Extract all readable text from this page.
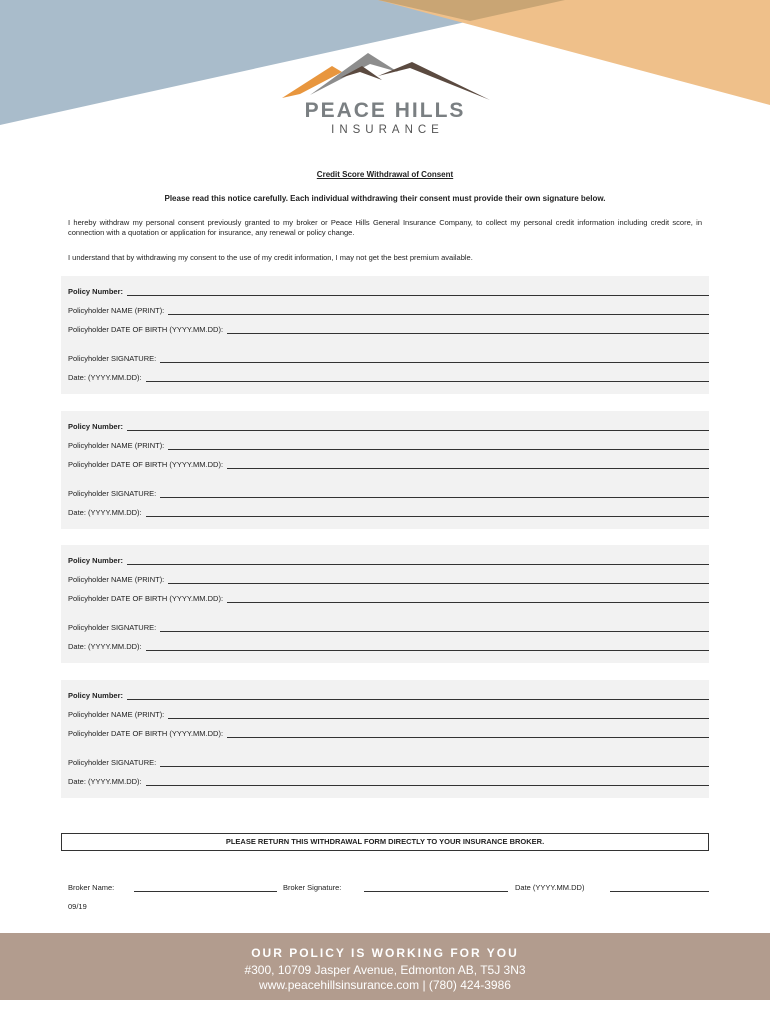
PEACE HILLS
INSURANCE
Credit Score Withdrawal of Consent
Please read this notice carefully. Each individual withdrawing their consent must provide their own signature below.
I hereby withdraw my personal consent previously granted to my broker or Peace Hills General Insurance Company, to collect my personal credit information including credit score, in connection with a quotation or application for insurance, any renewal or policy change.
I understand that by withdrawing my consent to the use of my credit information, I may not get the best premium available.
Policy Number:
Policyholder NAME (PRINT):
Policyholder DATE OF BIRTH (YYYY.MM.DD):
Policyholder SIGNATURE:
Date: (YYYY.MM.DD):
Policy Number:
Policyholder NAME (PRINT):
Policyholder DATE OF BIRTH (YYYY.MM.DD):
Policyholder SIGNATURE:
Date: (YYYY.MM.DD):
Policy Number:
Policyholder NAME (PRINT):
Policyholder DATE OF BIRTH (YYYY.MM.DD):
Policyholder SIGNATURE:
Date: (YYYY.MM.DD):
Policy Number:
Policyholder NAME (PRINT):
Policyholder DATE OF BIRTH (YYYY.MM.DD):
Policyholder SIGNATURE:
Date: (YYYY.MM.DD):
PLEASE RETURN THIS WITHDRAWAL FORM DIRECTLY TO YOUR INSURANCE BROKER.
Broker Name:	Broker Signature:	Date (YYYY.MM.DD)
09/19
OUR POLICY IS WORKING FOR YOU
#300, 10709 Jasper Avenue, Edmonton AB, T5J 3N3
www.peacehillsinsurance.com | (780) 424-3986
